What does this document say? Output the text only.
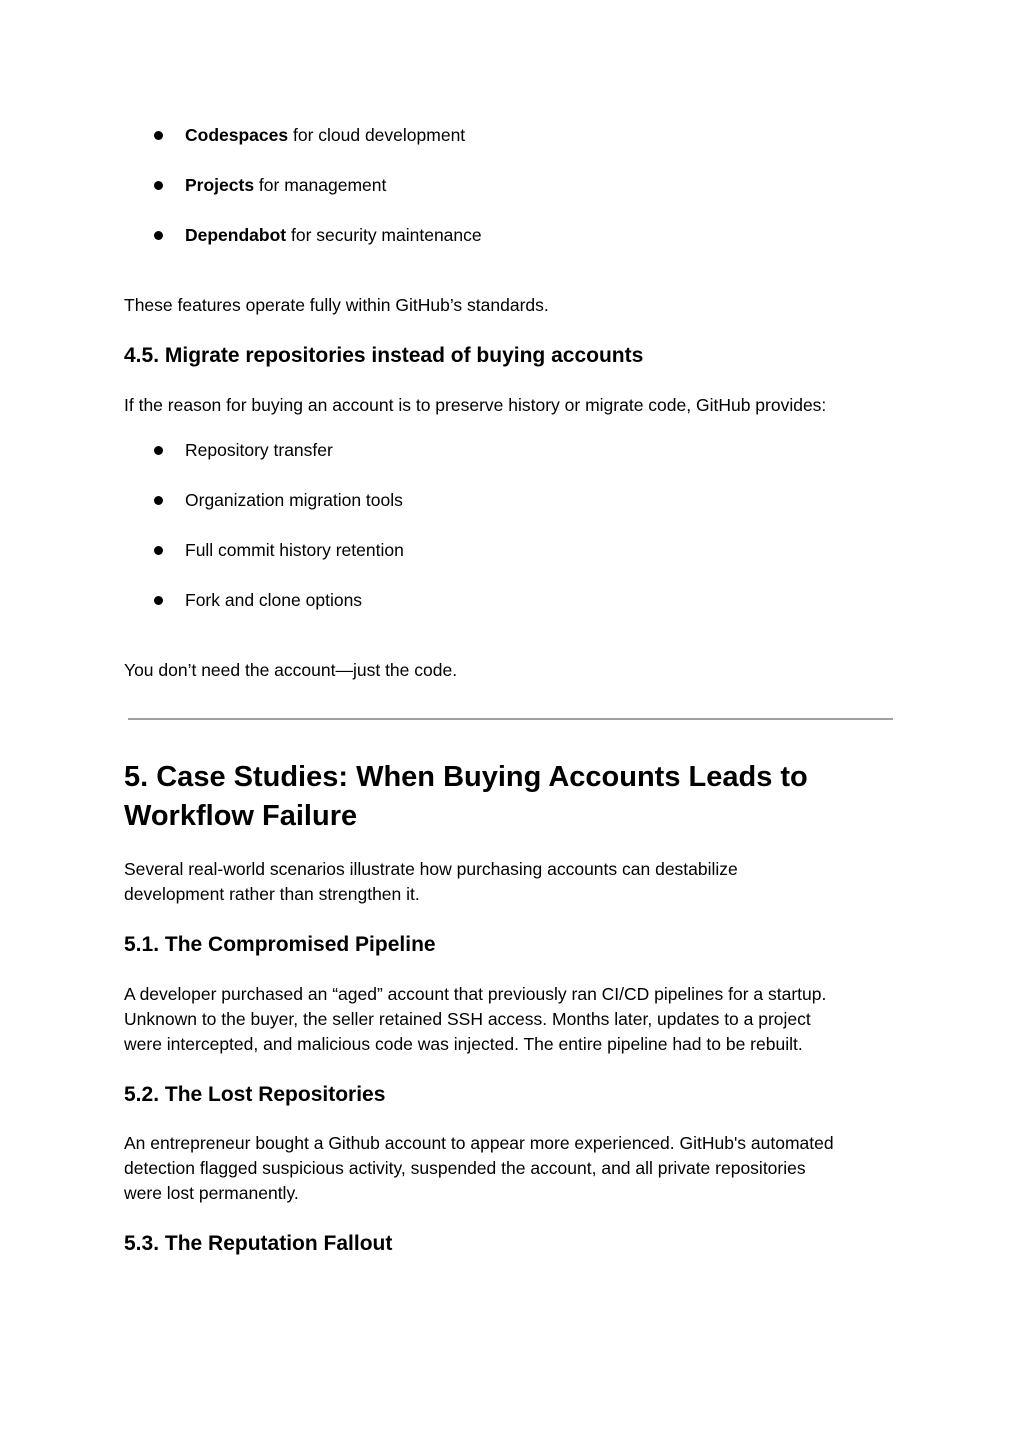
Codespaces for cloud development
Projects for management
Dependabot for security maintenance
These features operate fully within GitHub’s standards.
4.5. Migrate repositories instead of buying accounts
If the reason for buying an account is to preserve history or migrate code, GitHub provides:
Repository transfer
Organization migration tools
Full commit history retention
Fork and clone options
You don’t need the account—just the code.
5. Case Studies: When Buying Accounts Leads to
Workflow Failure
Several real-world scenarios illustrate how purchasing accounts can destabilize
development rather than strengthen it.
5.1. The Compromised Pipeline
A developer purchased an “aged” account that previously ran CI/CD pipelines for a startup.
Unknown to the buyer, the seller retained SSH access. Months later, updates to a project
were intercepted, and malicious code was injected. The entire pipeline had to be rebuilt.
5.2. The Lost Repositories
An entrepreneur bought a Github account to appear more experienced. GitHub's automated
detection flagged suspicious activity, suspended the account, and all private repositories
were lost permanently.
5.3. The Reputation Fallout
